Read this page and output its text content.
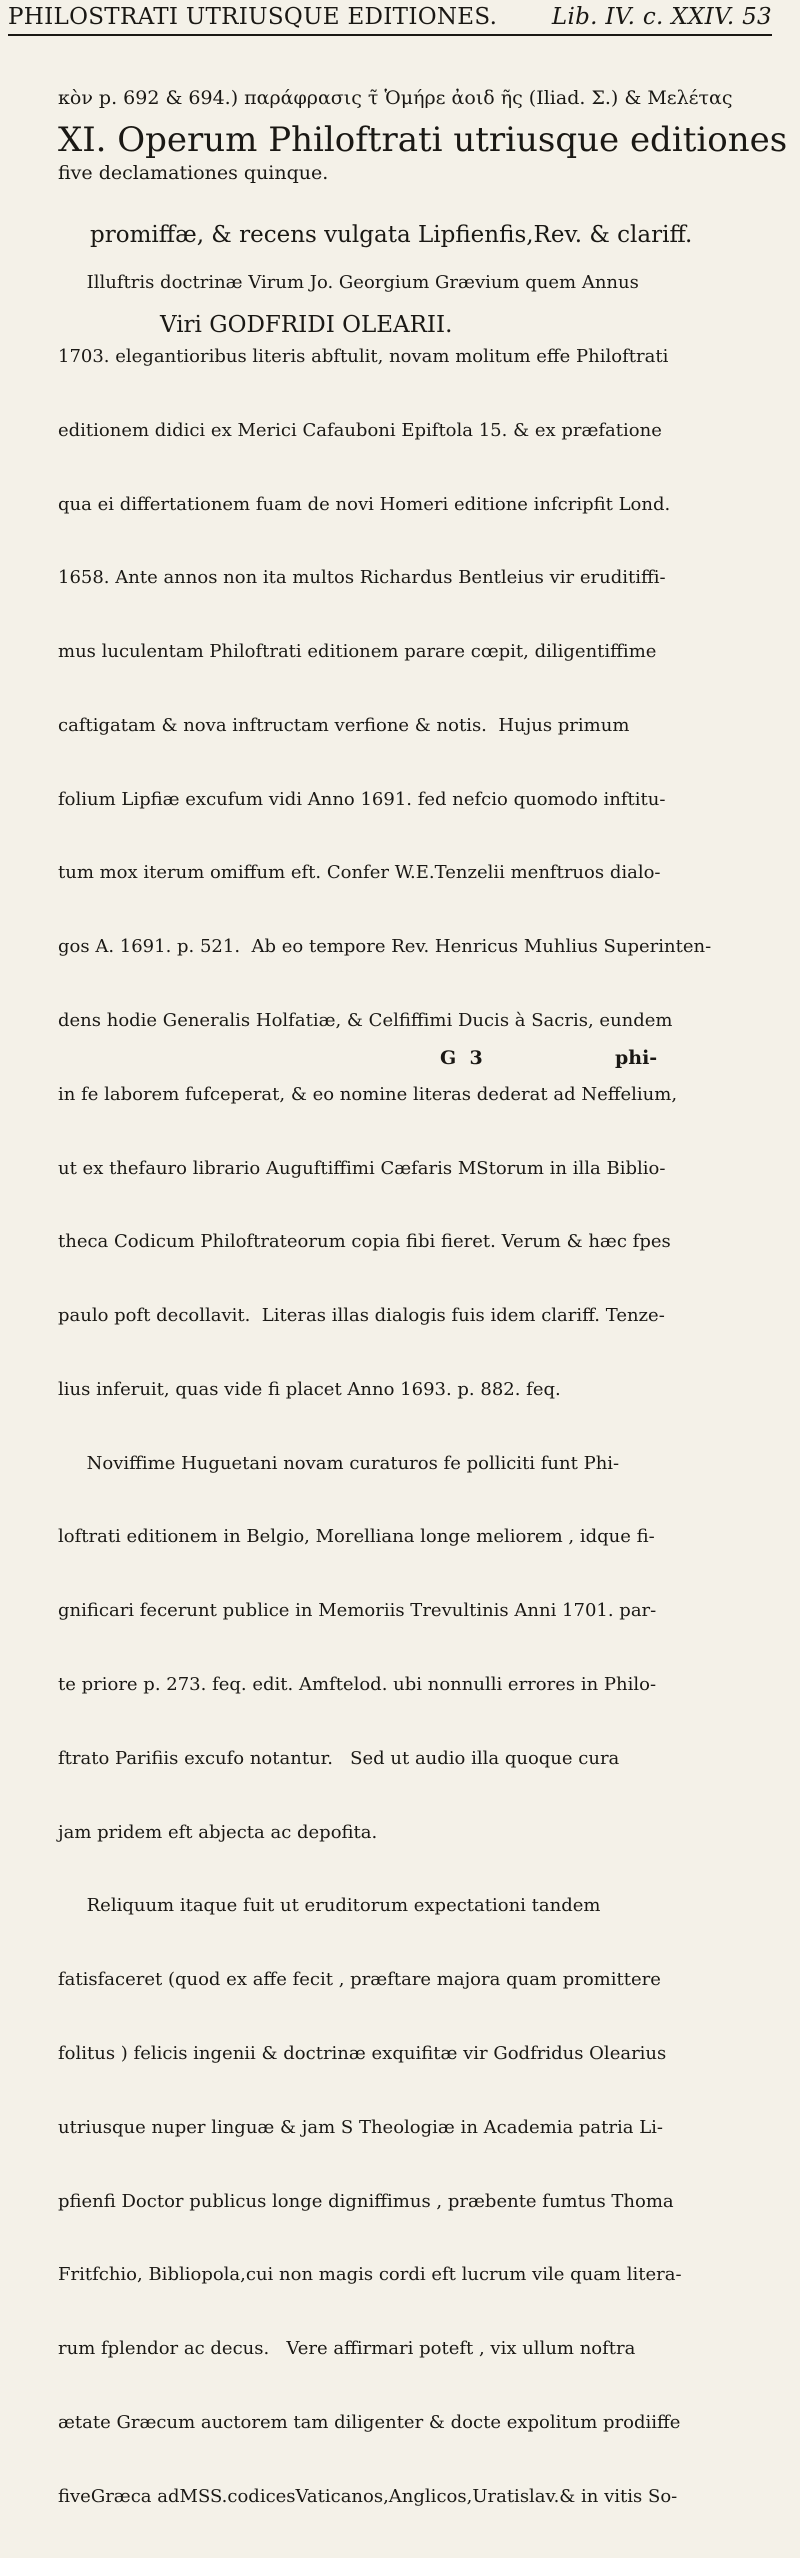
PHILOSTRATI UTRIUSQUE EDITIONES. Lib. IV. c. XXIV. 53

κὸν p. 692 & 694.) παράφρασις τ̃ Ὁμήρε ἀοιδ ῆς (Iliad. Σ.) & Μελέτας

five declamationes quinque.

XI. Operum Philoftrati utriusque editiones

promiffæ, & recens vulgata Lipfienfis,Rev. & clariff.

Viri GODFRIDI OLEARII.

Illuftris doctrinæ Virum Jo. Georgium Grævium quem Annus

1703. elegantioribus literis abftulit, novam molitum effe Philoftrati

editionem didici ex Merici Cafauboni Epiftola 15. & ex præfatione

qua ei differtationem fuam de novi Homeri editione infcripfit Lond.

1658. Ante annos non ita multos Richardus Bentleius vir eruditiffi-

mus luculentam Philoftrati editionem parare cœpit, diligentiffime

caftigatam & nova inftructam verfione & notis.  Hujus primum

folium Lipfiæ excufum vidi Anno 1691. fed nefcio quomodo inftitu-

tum mox iterum omiffum eft. Confer W.E.Tenzelii menftruos dialo-

gos A. 1691. p. 521.  Ab eo tempore Rev. Henricus Muhlius Superinten-

dens hodie Generalis Holfatiæ, & Celfiffimi Ducis à Sacris, eundem

in fe laborem fufceperat, & eo nomine literas dederat ad Neffelium,

ut ex thefauro librario Auguftiffimi Cæfaris MStorum in illa Biblio-

theca Codicum Philoftrateorum copia fibi fieret. Verum & hæc fpes

paulo poft decollavit.  Literas illas dialogis fuis idem clariff. Tenze-

lius inferuit, quas vide fi placet Anno 1693. p. 882. feq.

Noviffime Huguetani novam curaturos fe polliciti funt Phi-

loftrati editionem in Belgio, Morelliana longe meliorem , idque fi-

gnificari fecerunt publice in Memoriis Trevultinis Anni 1701. par-

te priore p. 273. feq. edit. Amftelod. ubi nonnulli errores in Philo-

ftrato Parifiis excufo notantur.   Sed ut audio illa quoque cura

jam pridem eft abjecta ac depofita.

Reliquum itaque fuit ut eruditorum expectationi tandem

fatisfaceret (quod ex affe fecit , præftare majora quam promittere

folitus ) felicis ingenii & doctrinæ exquifitæ vir Godfridus Olearius

utriusque nuper linguæ & jam S Theologiæ in Academia patria Li-

pfienfi Doctor publicus longe digniffimus , præbente fumtus Thoma

Fritfchio, Bibliopola,cui non magis cordi eft lucrum vile quam litera-

rum fplendor ac decus.   Vere affirmari poteft , vix ullum noftra

ætate Græcum auctorem tam diligenter & docte expolitum prodiiffe

fiveGræca adMSS.codicesVaticanos,Anglicos,Uratislav.& in vitis So-

G  3                    phi-
